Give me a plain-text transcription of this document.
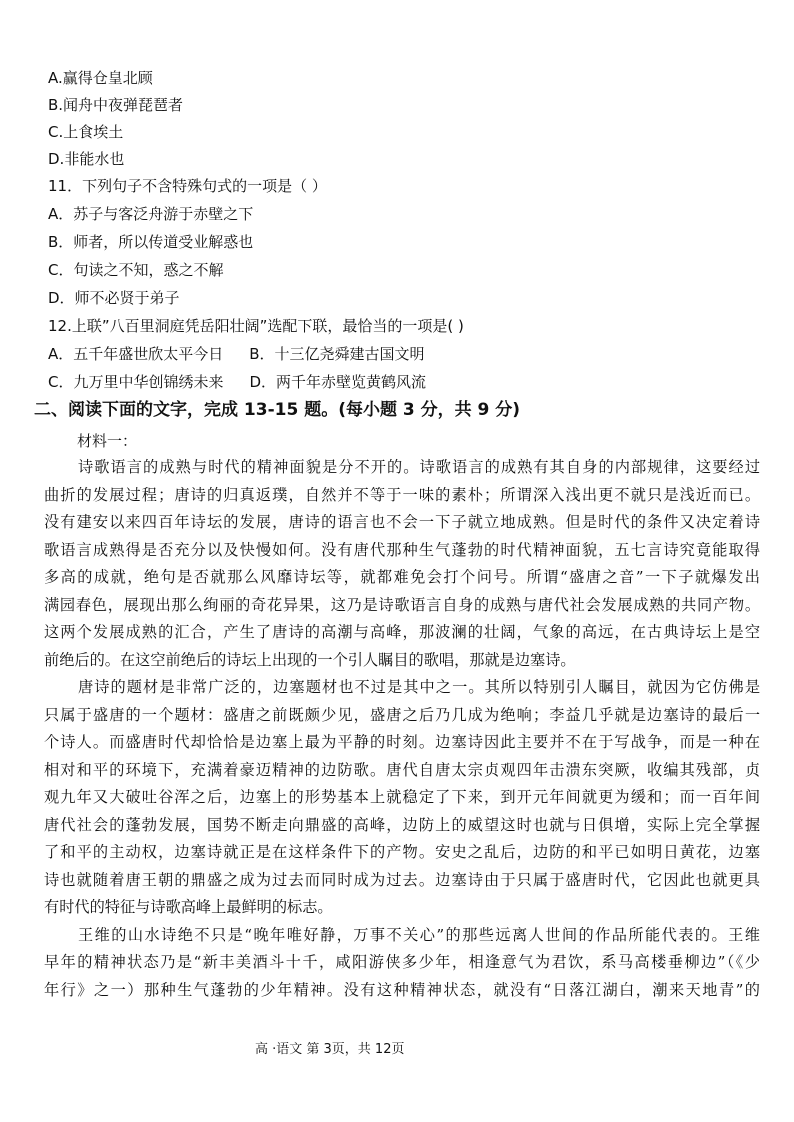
A.赢得仓皇北顾
B.闻舟中夜弹琵琶者
C.上食埃土
D.非能水也
11．下列句子不含特殊句式的一项是（ ）
A．苏子与客泛舟游于赤壁之下
B．师者，所以传道受业解惑也
C．句读之不知，惑之不解
D．师不必贤于弟子
12.上联”八百里洞庭凭岳阳壮阔”选配下联，最恰当的一项是( )
A．五千年盛世欣太平今日 B．十三亿尧舜建古国文明
C．九万里中华创锦绣未来 D．两千年赤壁览黄鹤风流
二、阅读下面的文字，完成 13-15 题。(每小题 3 分，共 9 分)
材料一：
诗歌语言的成熟与时代的精神面貌是分不开的。诗歌语言的成熟有其自身的内部规律，这要经过
曲折的发展过程；唐诗的归真返璞，自然并不等于一味的素朴；所谓深入浅出更不就只是浅近而已。
没有建安以来四百年诗坛的发展，唐诗的语言也不会一下子就立地成熟。但是时代的条件又决定着诗
歌语言成熟得是否充分以及快慢如何。没有唐代那种生气蓬勃的时代精神面貌，五七言诗究竟能取得
多高的成就，绝句是否就那么风靡诗坛等，就都难免会打个问号。所谓“盛唐之音”一下子就爆发出
满园春色，展现出那么绚丽的奇花异果，这乃是诗歌语言自身的成熟与唐代社会发展成熟的共同产物。
这两个发展成熟的汇合，产生了唐诗的高潮与高峰，那波澜的壮阔，气象的高远，在古典诗坛上是空
前绝后的。在这空前绝后的诗坛上出现的一个引人瞩目的歌唱，那就是边塞诗。
唐诗的题材是非常广泛的，边塞题材也不过是其中之一。其所以特别引人瞩目，就因为它仿佛是
只属于盛唐的一个题材：盛唐之前既颇少见，盛唐之后乃几成为绝响；李益几乎就是边塞诗的最后一
个诗人。而盛唐时代却恰恰是边塞上最为平静的时刻。边塞诗因此主要并不在于写战争，而是一种在
相对和平的环境下，充满着豪迈精神的边防歌。唐代自唐太宗贞观四年击溃东突厥，收编其残部，贞
观九年又大破吐谷浑之后，边塞上的形势基本上就稳定了下来，到开元年间就更为缓和；而一百年间
唐代社会的蓬勃发展，国势不断走向鼎盛的高峰，边防上的威望这时也就与日俱增，实际上完全掌握
了和平的主动权，边塞诗就正是在这样条件下的产物。安史之乱后，边防的和平已如明日黄花，边塞
诗也就随着唐王朝的鼎盛之成为过去而同时成为过去。边塞诗由于只属于盛唐时代，它因此也就更具
有时代的特征与诗歌高峰上最鲜明的标志。
王维的山水诗绝不只是“晚年唯好静，万事不关心”的那些远离人世间的作品所能代表的。王维
早年的精神状态乃是“新丰美酒斗十千，咸阳游侠多少年，相逢意气为君饮，系马高楼垂柳边”（《少
年行》之一）那种生气蓬勃的少年精神。没有这种精神状态，就没有“日落江湖白，潮来天地青”的
高 ·语文 第 3页，共 12页
